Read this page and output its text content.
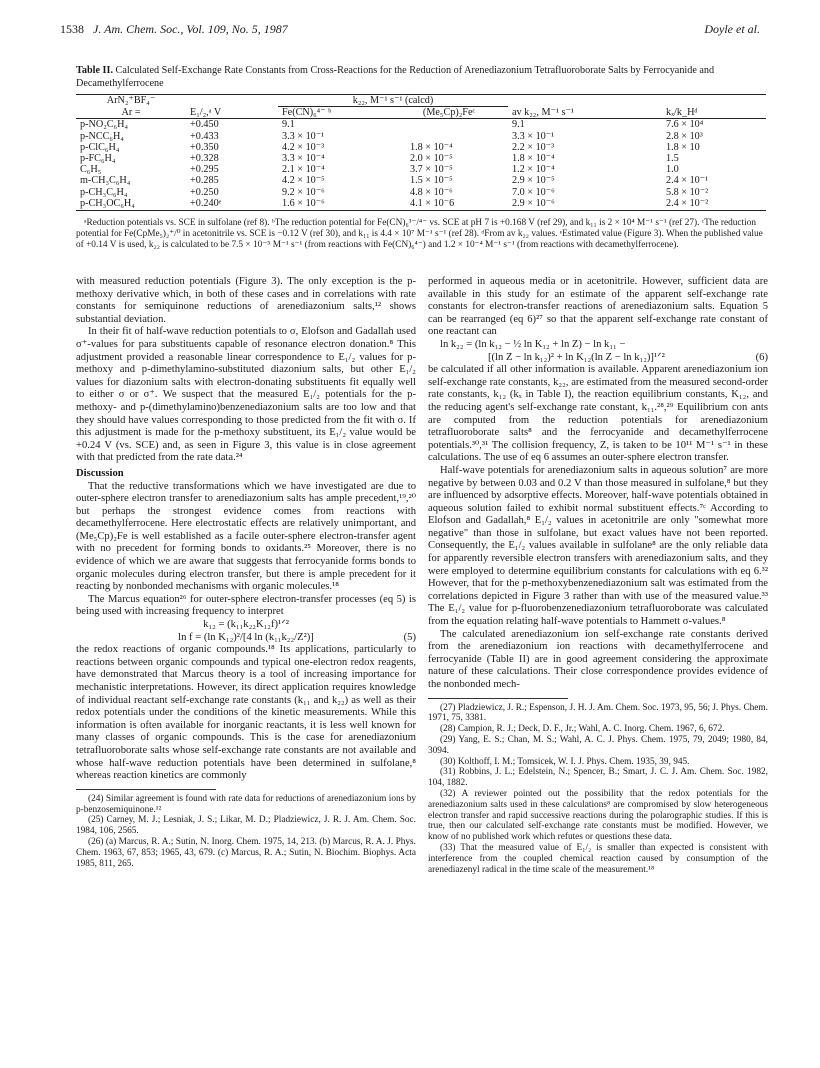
1538 J. Am. Chem. Soc., Vol. 109, No. 5, 1987	Doyle et al.
Table II. Calculated Self-Exchange Rate Constants from Cross-Reactions for the Reduction of Arenediazonium Tetrafluoroborate Salts by Ferrocyanide and Decamethylferrocene
ArN₂⁺BF₄⁻		k₂₂, M⁻¹ s⁻¹ (calcd)			
Ar =	E₁/₂,ᵃ V	Fe(CN)₆⁴⁻ ᵇ	(Me₅Cp)₂Feᶜ	av k₂₂, M⁻¹ s⁻¹	kₓ/k_Hᵈ
p-NO₂C₆H₄	+0.450	9.1		9.1	7.6 × 10⁴
p-NCC₆H₄	+0.433	3.3 × 10⁻¹		3.3 × 10⁻¹	2.8 × 10³
p-ClC₆H₄	+0.350	4.2 × 10⁻³	1.8 × 10⁻⁴	2.2 × 10⁻³	1.8 × 10
p-FC₆H₄	+0.328	3.3 × 10⁻⁴	2.0 × 10⁻⁵	1.8 × 10⁻⁴	1.5
C₆H₅	+0.295	2.1 × 10⁻⁴	3.7 × 10⁻⁵	1.2 × 10⁻⁴	1.0
m-CH₃C₆H₄	+0.285	4.2 × 10⁻⁵	1.5 × 10⁻⁵	2.9 × 10⁻⁵	2.4 × 10⁻¹
p-CH₃C₆H₄	+0.250	9.2 × 10⁻⁶	4.8 × 10⁻⁶	7.0 × 10⁻⁶	5.8 × 10⁻²
p-CH₃OC₆H₄	+0.240ᵉ	1.6 × 10⁻⁶	4.1 × 10⁻6	2.9 × 10⁻⁶	2.4 × 10⁻²
ᵃReduction potentials vs. SCE in sulfolane (ref 8). ᵇThe reduction potential for Fe(CN)₆³⁻/⁴⁻ vs. SCE at pH 7 is +0.168 V (ref 29), and k₁₁ is 2 × 10⁴ M⁻¹ s⁻¹ (ref 27). ᶜThe reduction potential for Fe(CpMe₅)₂⁺/⁰ in acetonitrile vs. SCE is −0.12 V (ref 30), and k₁₁ is 4.4 × 10⁷ M⁻¹ s⁻¹ (ref 28). ᵈFrom av k₂₂ values. ᵉEstimated value (Figure 3). When the published value of +0.14 V is used, k₂₂ is calculated to be 7.5 × 10⁻⁵ M⁻¹ s⁻¹ (from reactions with Fe(CN)₆⁴⁻) and 1.2 × 10⁻⁴ M⁻¹ s⁻¹ (from reactions with decamethylferrocene).

with measured reduction potentials (Figure 3). The only exception is the p-methoxy derivative which, in both of these cases and in correlations with rate constants for semiquinone reductions of arenediazonium salts,¹² shows substantial deviation.

In their fit of half-wave reduction potentials to σ, Elofson and Gadallah used σ⁺-values for para substituents capable of resonance electron donation.⁸ This adjustment provided a reasonable linear correspondence to E₁/₂ values for p-methoxy and p-dimethylamino-substituted diazonium salts, but other E₁/₂ values for diazonium salts with electron-donating substituents fit equally well to either σ or σ⁺. We suspect that the measured E₁/₂ potentials for the p-methoxy- and p-(dimethylamino)benzenediazonium salts are too low and that they should have values corresponding to those predicted from the fit with σ. If this adjustment is made for the p-methoxy substituent, its E₁/₂ value would be +0.24 V (vs. SCE) and, as seen in Figure 3, this value is in close agreement with that predicted from the rate data.²⁴

Discussion

That the reductive transformations which we have investigated are due to outer-sphere electron transfer to arenediazonium salts has ample precedent,¹⁹,²⁰ but perhaps the strongest evidence comes from reactions with decamethylferrocene. Here electrostatic effects are relatively unimportant, and (Me₅Cp)₂Fe is well established as a facile outer-sphere electron-transfer agent with no precedent for forming bonds to oxidants.²⁵ Moreover, there is no evidence of which we are aware that suggests that ferrocyanide forms bonds to organic molecules during electron transfer, but there is ample precedent for it reacting by nonbonded mechanisms with organic molecules.¹⁸

The Marcus equation²⁶ for outer-sphere electron-transfer processes (eq 5) is being used with increasing frequency to interpret

k₁₂ = (k₁₁k₂₂K₁₂f)¹ᐟ²

ln f = (ln K₁₂)²/[4 ln (k₁₁k₂₂/Z²)]	(5)

the redox reactions of organic compounds.¹⁸ Its applications, particularly to reactions between organic compounds and typical one-electron redox reagents, have demonstrated that Marcus theory is a tool of increasing importance for mechanistic interpretations. However, its direct application requires knowledge of individual reactant self-exchange rate constants (k₁₁ and k₂₂) as well as their redox potentials under the conditions of the kinetic measurements. While this information is often available for inorganic reactants, it is less well known for many classes of organic compounds. This is the case for arenediazonium tetrafluoroborate salts whose self-exchange rate constants are not available and whose half-wave reduction potentials have been determined in sulfolane,⁸ whereas reaction kinetics are commonly

(24) Similar agreement is found with rate data for reductions of arenediazonium ions by p-benzosemiquinone.¹²

(25) Carney, M. J.; Lesniak, J. S.; Likar, M. D.; Pladziewicz, J. R. J. Am. Chem. Soc. 1984, 106, 2565.

(26) (a) Marcus, R. A.; Sutin, N. Inorg. Chem. 1975, 14, 213. (b) Marcus, R. A. J. Phys. Chem. 1963, 67, 853; 1965, 43, 679. (c) Marcus, R. A.; Sutin, N. Biochim. Biophys. Acta 1985, 811, 265.

performed in aqueous media or in acetonitrile. However, sufficient data are available in this study for an estimate of the apparent self-exchange rate constants for electron-transfer reactions of arenediazonium salts. Equation 5 can be rearranged (eq 6)²⁷ so that the apparent self-exchange rate constant of one reactant can

ln k₂₂ = (ln k₁₂ − ½ ln K₁₂ + ln Z) − ln k₁₁ −

[(ln Z − ln k₁₂)² + ln K₁₂(ln Z − ln k₁₂)]¹ᐟ²	(6)

be calculated if all other information is available. Apparent arenediazonium ion self-exchange rate constants, k₂₂, are estimated from the measured second-order rate constants, k₁₂ (kₓ in Table I), the reaction equilibrium constants, K₁₂, and the reducing agent's self-exchange rate constant, k₁₁.²⁸,²⁹ Equilibrium con ants are computed from the reduction potentials for arenediazonium tetrafluoroborate salts⁸ and the ferrocyanide and decamethylferrocene potentials.³⁰,³¹ The collision frequency, Z, is taken to be 10¹¹ M⁻¹ s⁻¹ in these calculations. The use of eq 6 assumes an outer-sphere electron transfer.

Half-wave potentials for arenediazonium salts in aqueous solution⁷ are more negative by between 0.03 and 0.2 V than those measured in sulfolane,⁸ but they are influenced by adsorptive effects. Moreover, half-wave potentials obtained in aqueous solution failed to exhibit normal substituent effects.⁷ᶜ According to Elofson and Gadallah,⁸ E₁/₂ values in acetonitrile are only "somewhat more negative" than those in sulfolane, but exact values have not been reported. Consequently, the E₁/₂ values available in sulfolane⁸ are the only reliable data for apparently reversible electron transfers with arenediazonium salts, and they were employed to determine equilibrium constants for calculations with eq 6.³² However, that for the p-methoxybenzenediazonium salt was estimated from the correlations depicted in Figure 3 rather than with use of the measured value.³³ The E₁/₂ value for p-fluorobenzenediazonium tetrafluoroborate was calculated from the equation relating half-wave potentials to Hammett σ-values.⁸

The calculated arenediazonium ion self-exchange rate constants derived from the arenediazonium ion reactions with decamethylferrocene and ferrocyanide (Table II) are in good agreement considering the approximate nature of these calculations. Their close correspondence provides evidence of the nonbonded mech-

(27) Pladziewicz, J. R.; Espenson, J. H. J. Am. Chem. Soc. 1973, 95, 56; J. Phys. Chem. 1971, 75, 3381.

(28) Campion, R. J.; Deck, D. F., Jr.; Wahl, A. C. Inorg. Chem. 1967, 6, 672.

(29) Yang, E. S.; Chan, M. S.; Wahl, A. C. J. Phys. Chem. 1975, 79, 2049; 1980, 84, 3094.

(30) Kolthoff, I. M.; Tomsicek, W. I. J. Phys. Chem. 1935, 39, 945.

(31) Robbins, J. L.; Edelstein, N.; Spencer, B.; Smart, J. C. J. Am. Chem. Soc. 1982, 104, 1882.

(32) A reviewer pointed out the possibility that the redox potentials for the arenediazonium salts used in these calculations⁸ are compromised by slow heterogeneous electron transfer and rapid successive reactions during the polarographic studies. If this is true, then our calculated self-exchange rate constants must be modified. However, we know of no published work which refutes or questions these data.

(33) That the measured value of E₁/₂ is smaller than expected is consistent with interference from the coupled chemical reaction caused by consumption of the arenediazenyl radical in the time scale of the measurement.¹⁸
